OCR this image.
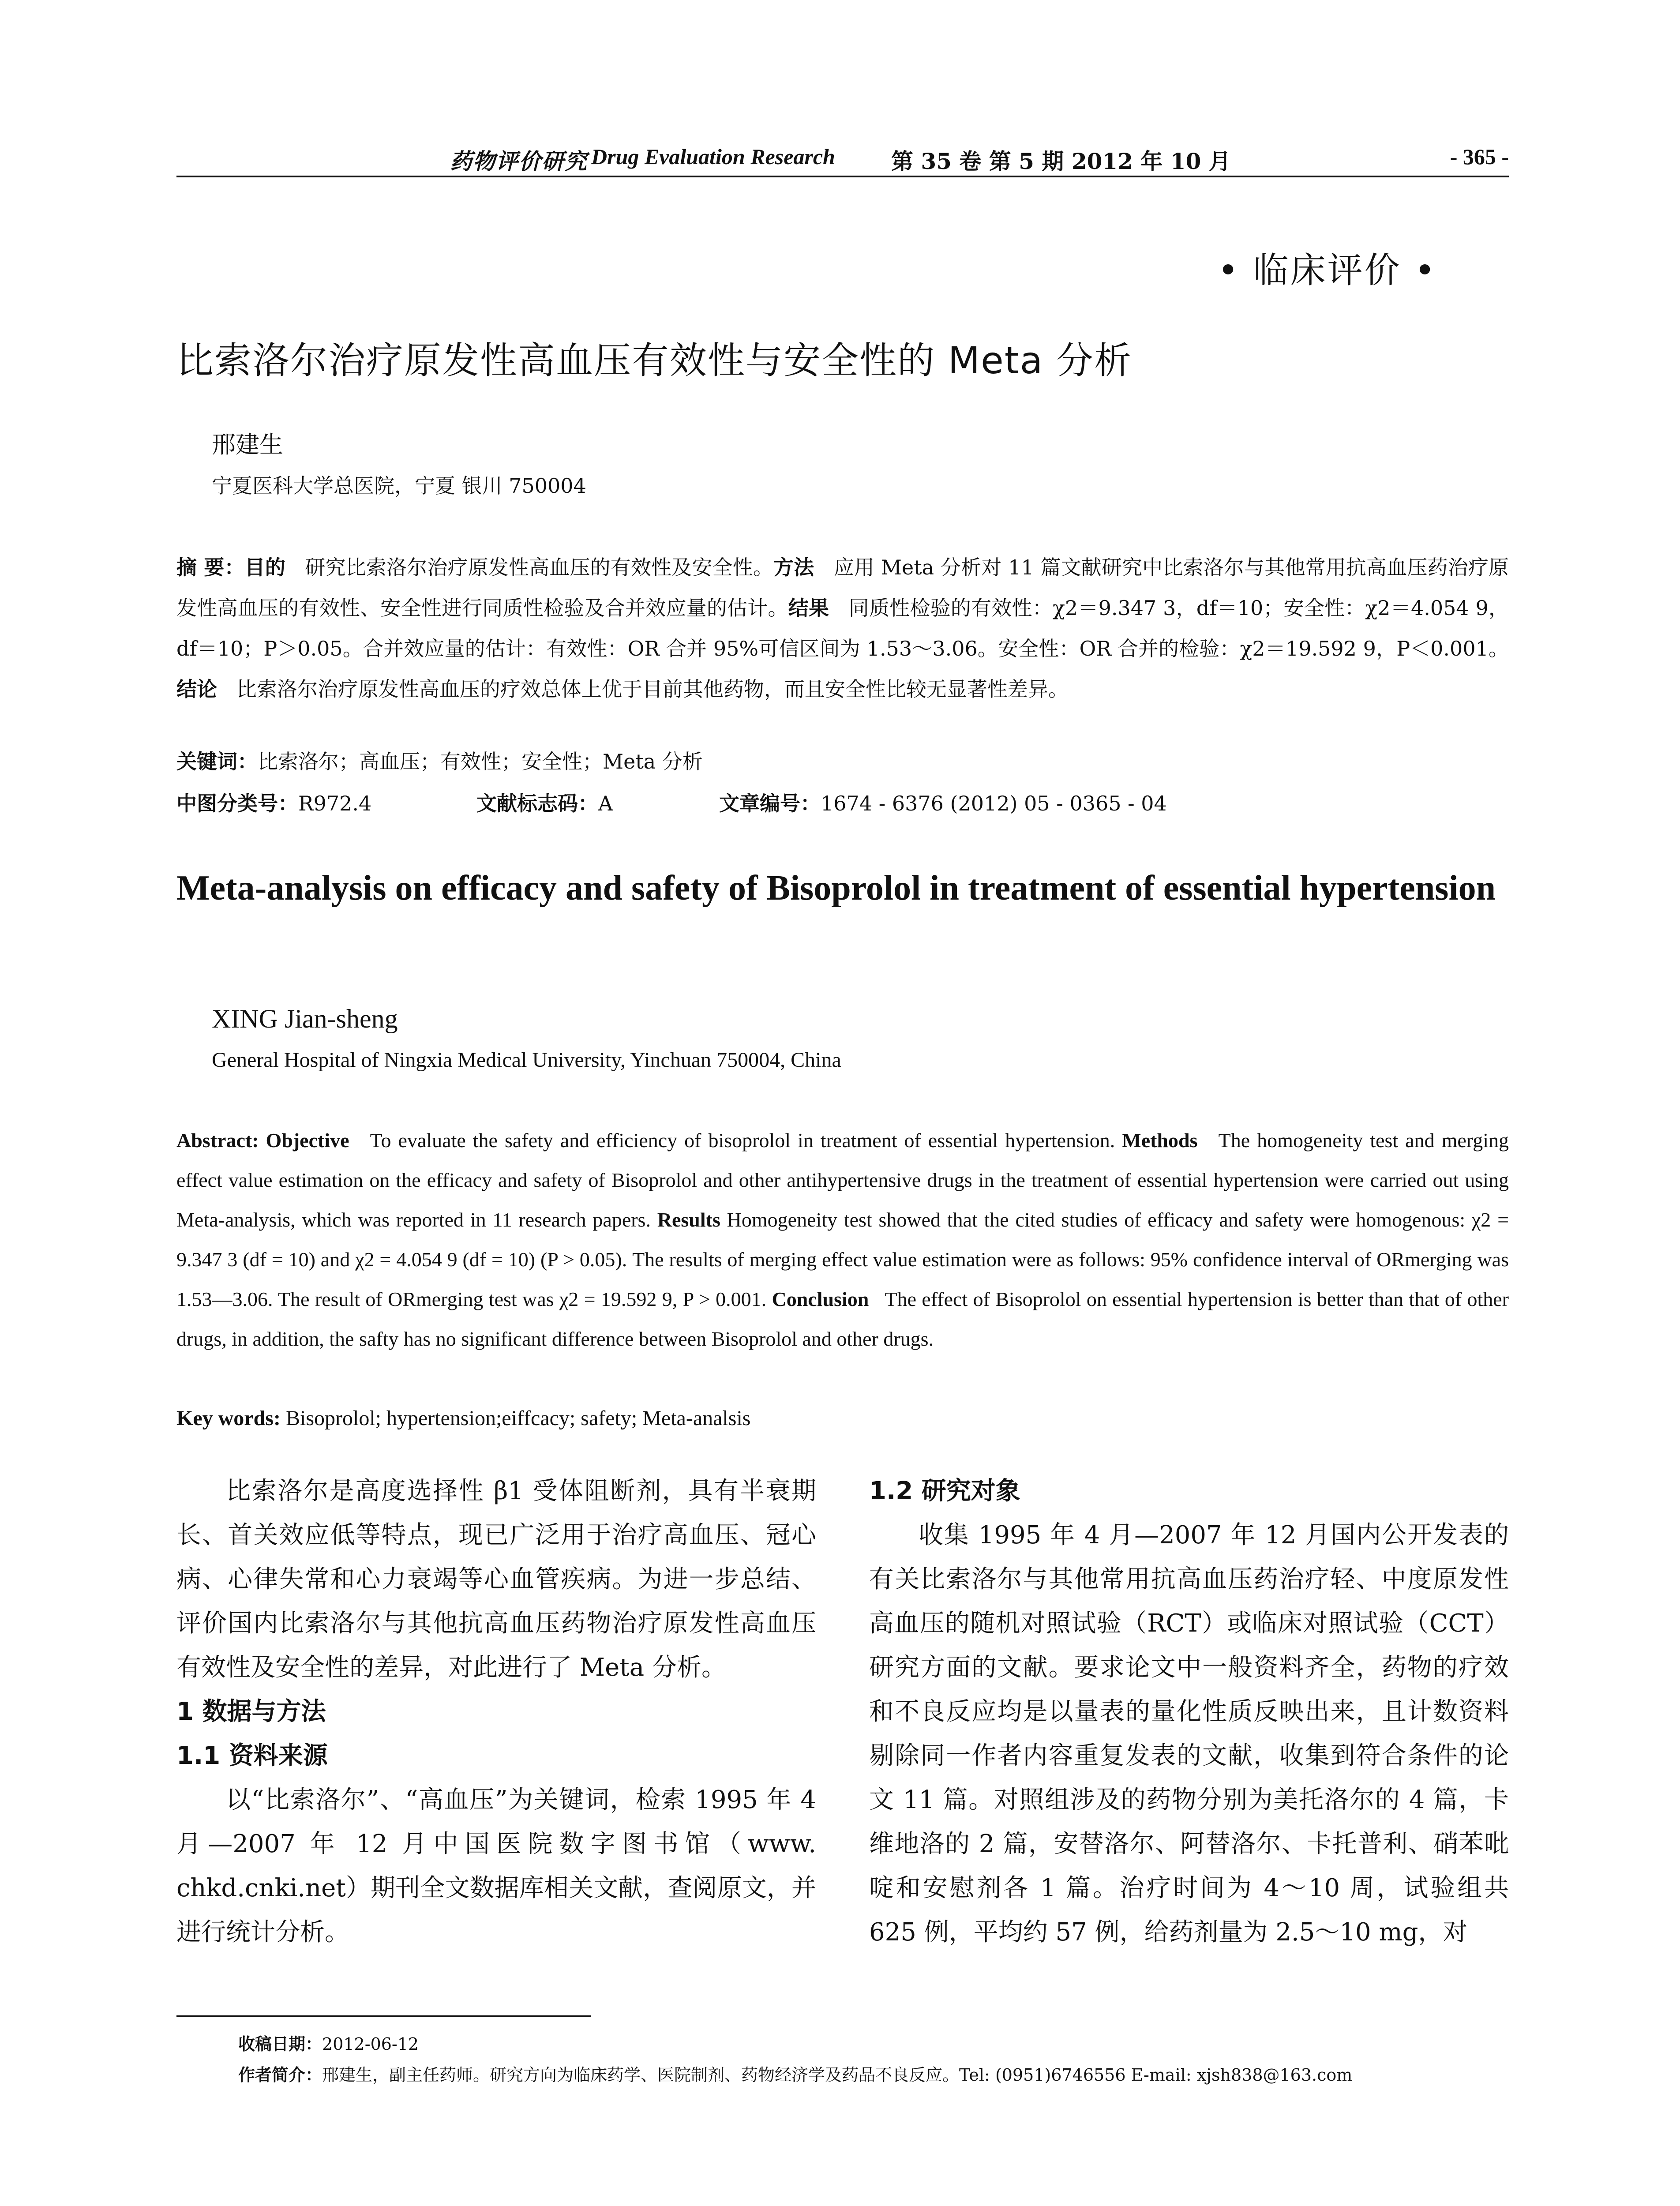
药物评价研究 Drug Evaluation Research	第 35 卷 第 5 期 2012 年 10 月	- 365 -
• 临床评价 •
比索洛尔治疗原发性高血压有效性与安全性的 Meta 分析
邢建生
宁夏医科大学总医院，宁夏 银川 750004
摘 要：目的 研究比索洛尔治疗原发性高血压的有效性及安全性。方法 应用 Meta 分析对 11 篇文献研究中比索洛尔与其他常用抗高血压药治疗原发性高血压的有效性、安全性进行同质性检验及合并效应量的估计。结果 同质性检验的有效性：χ2＝9.347 3，df＝10；安全性：χ2＝4.054 9，df＝10；P＞0.05。合并效应量的估计：有效性：OR 合并 95%可信区间为 1.53～3.06。安全性：OR 合并的检验：χ2＝19.592 9，P＜0.001。结论 比索洛尔治疗原发性高血压的疗效总体上优于目前其他药物，而且安全性比较无显著性差异。
关键词：比索洛尔；高血压；有效性；安全性；Meta 分析
中图分类号：R972.4	文献标志码：A	文章编号：1674 - 6376 (2012) 05 - 0365 - 04
Meta-analysis on efficacy and safety of Bisoprolol in treatment of essential hypertension
XING Jian-sheng
General Hospital of Ningxia Medical University, Yinchuan 750004, China
Abstract: Objective To evaluate the safety and efficiency of bisoprolol in treatment of essential hypertension. Methods The homogeneity test and merging effect value estimation on the efficacy and safety of Bisoprolol and other antihypertensive drugs in the treatment of essential hypertension were carried out using Meta-analysis, which was reported in 11 research papers. Results Homogeneity test showed that the cited studies of efficacy and safety were homogenous: χ2 = 9.347 3 (df = 10) and χ2 = 4.054 9 (df = 10) (P > 0.05). The results of merging effect value estimation were as follows: 95% confidence interval of ORmerging was 1.53—3.06. The result of ORmerging test was χ2 = 19.592 9, P > 0.001. Conclusion The effect of Bisoprolol on essential hypertension is better than that of other drugs, in addition, the safty has no significant difference between Bisoprolol and other drugs.
Key words: Bisoprolol; hypertension;eiffcacy; safety; Meta-analsis

比索洛尔是高度选择性 β1 受体阻断剂，具有半衰期长、首关效应低等特点，现已广泛用于治疗高血压、冠心病、心律失常和心力衰竭等心血管疾病。为进一步总结、评价国内比索洛尔与其他抗高血压药物治疗原发性高血压有效性及安全性的差异，对此进行了 Meta 分析。

1 数据与方法

1.1 资料来源

以“比索洛尔”、“高血压”为关键词，检索 1995 年 4 月—2007 年 12 月中国医院数字图书馆（www. chkd.cnki.net）期刊全文数据库相关文献，查阅原文，并进行统计分析。

1.2 研究对象

收集 1995 年 4 月—2007 年 12 月国内公开发表的有关比索洛尔与其他常用抗高血压药治疗轻、中度原发性高血压的随机对照试验（RCT）或临床对照试验（CCT）研究方面的文献。要求论文中一般资料齐全，药物的疗效和不良反应均是以量表的量化性质反映出来，且计数资料剔除同一作者内容重复发表的文献，收集到符合条件的论文 11 篇。对照组涉及的药物分别为美托洛尔的 4 篇，卡维地洛的 2 篇，安替洛尔、阿替洛尔、卡托普利、硝苯吡啶和安慰剂各 1 篇。治疗时间为 4～10 周，试验组共 625 例，平均约 57 例，给药剂量为 2.5～10 mg，对

收稿日期：2012-06-12

作者简介：邢建生，副主任药师。研究方向为临床药学、医院制剂、药物经济学及药品不良反应。Tel: (0951)6746556 E-mail: xjsh838@163.com
